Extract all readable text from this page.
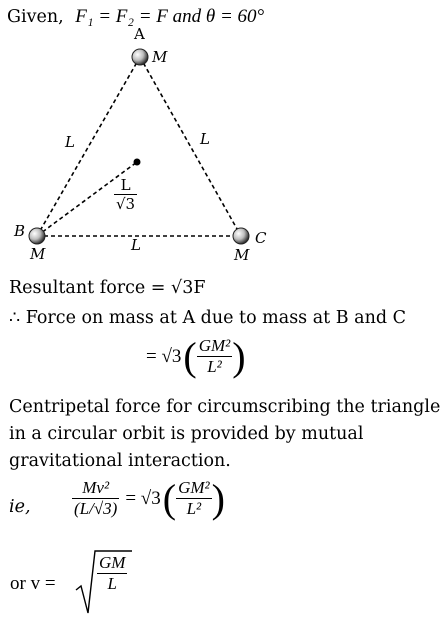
Given, F₁ = F₂ = F and θ = 60°
A
M
B
M
C
M
L	L
L
$\frac{L}{√3}$
Resultant force = √3F
∴ Force on mass at A due to mass at B and C
= √3 ( $\frac{\text{GM²}}{\text{L²}}$ )
Centripetal force for circumscribing the triangle
in a circular orbit is provided by mutual
gravitational interaction.
ie, $\frac{\text{Mv²}}{(L/√3)} = √3$ ( $\frac{\text{GM²}}{\text{L²}}$ )
or $v = \frac{GM}{L}$
